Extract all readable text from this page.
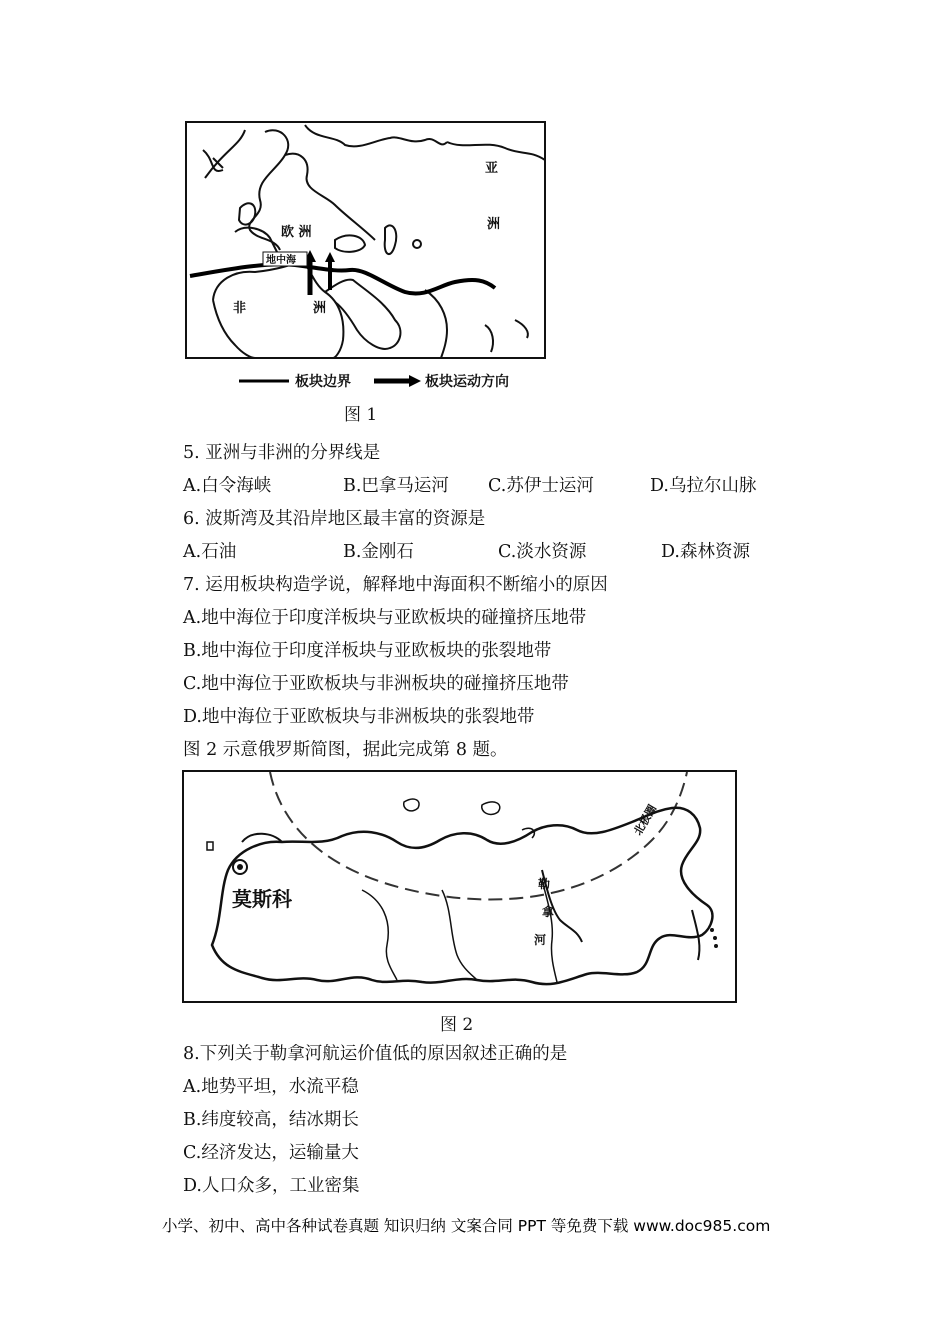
亚
洲
欧 洲
地中海
非	洲
板块边界	板块运动方向
图 1
5. 亚洲与非洲的分界线是
A.白令海峡	B.巴拿马运河 C.苏伊士运河	D.乌拉尔山脉
6. 波斯湾及其沿岸地区最丰富的资源是
A.石油	B.金刚石	C.淡水资源	D.森林资源
7. 运用板块构造学说，解释地中海面积不断缩小的原因
A.地中海位于印度洋板块与亚欧板块的碰撞挤压地带
B.地中海位于印度洋板块与亚欧板块的张裂地带
C.地中海位于亚欧板块与非洲板块的碰撞挤压地带
D.地中海位于亚欧板块与非洲板块的张裂地带
图 2 示意俄罗斯简图，据此完成第 8 题。
莫斯科
勒
拿
河
北极圈
图 2
8.下列关于勒拿河航运价值低的原因叙述正确的是
A.地势平坦，水流平稳
B.纬度较高，结冰期长
C.经济发达，运输量大
D.人口众多，工业密集
小学、初中、高中各种试卷真题 知识归纳 文案合同 PPT 等免费下载 www.doc985.com
